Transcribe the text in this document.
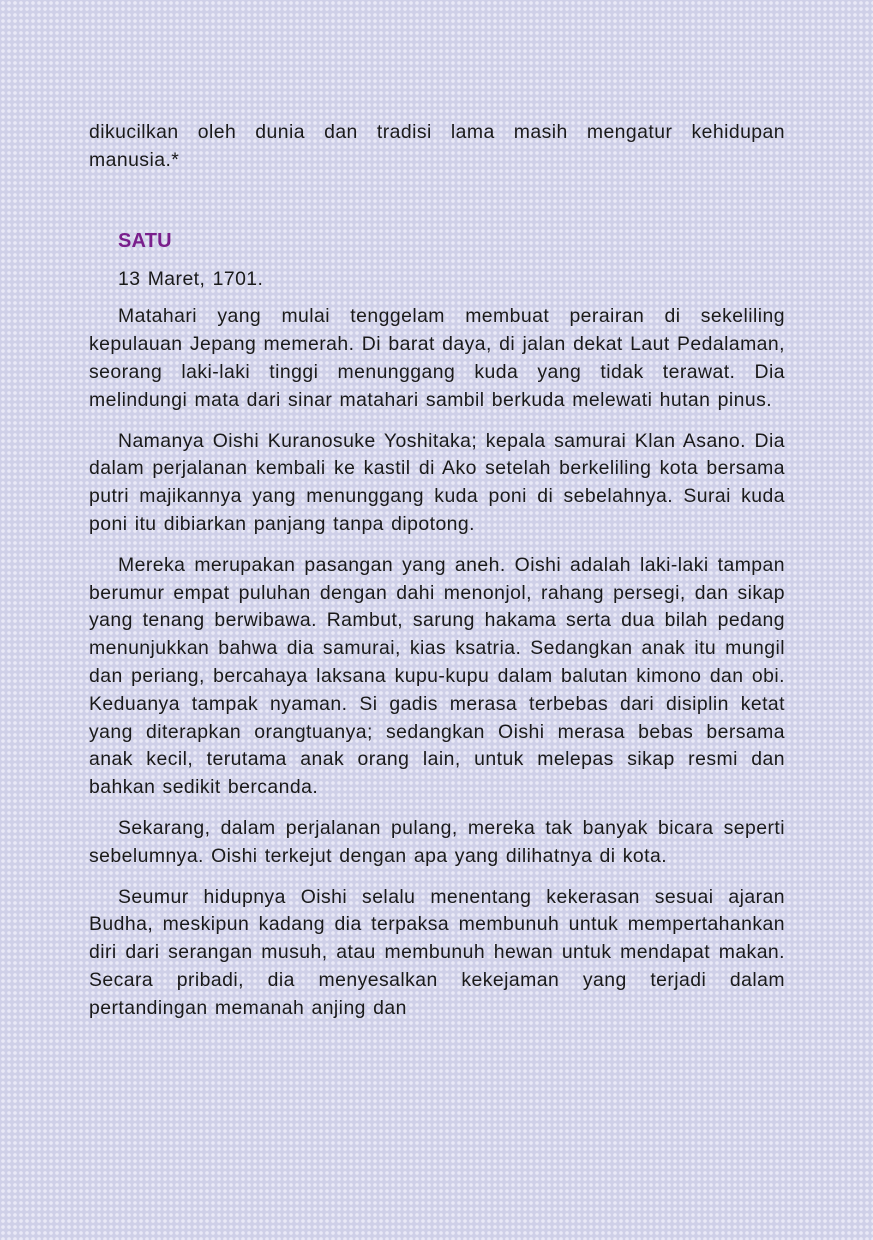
dikucilkan oleh dunia dan tradisi lama masih mengatur kehidupan manusia.*

SATU

13 Maret, 1701.

Matahari yang mulai tenggelam membuat perairan di sekeliling kepulauan Jepang memerah. Di barat daya, di jalan dekat Laut Pedalaman, seorang laki-laki tinggi menunggang kuda yang tidak terawat. Dia melindungi mata dari sinar matahari sambil berkuda melewati hutan pinus.

Namanya Oishi Kuranosuke Yoshitaka; kepala samurai Klan Asano. Dia dalam perjalanan kembali ke kastil di Ako setelah berkeliling kota bersama putri majikannya yang menunggang kuda poni di sebelahnya. Surai kuda poni itu dibiarkan panjang tanpa dipotong.

Mereka merupakan pasangan yang aneh. Oishi adalah laki-laki tampan berumur empat puluhan dengan dahi menonjol, rahang persegi, dan sikap yang tenang berwibawa. Rambut, sarung hakama serta dua bilah pedang menunjukkan bahwa dia samurai, kias ksatria. Sedangkan anak itu mungil dan periang, bercahaya laksana kupu-kupu dalam balutan kimono dan obi. Keduanya tampak nyaman. Si gadis merasa terbebas dari disiplin ketat yang diterapkan orangtuanya; sedangkan Oishi merasa bebas bersama anak kecil, terutama anak orang lain, untuk melepas sikap resmi dan bahkan sedikit bercanda.

Sekarang, dalam perjalanan pulang, mereka tak banyak bicara seperti sebelumnya. Oishi terkejut dengan apa yang dilihatnya di kota.

Seumur hidupnya Oishi selalu menentang kekerasan sesuai ajaran Budha, meskipun kadang dia terpaksa membunuh untuk mempertahankan diri dari serangan musuh, atau membunuh hewan untuk mendapat makan. Secara pribadi, dia menyesalkan kekejaman yang terjadi dalam pertandingan memanah anjing dan
